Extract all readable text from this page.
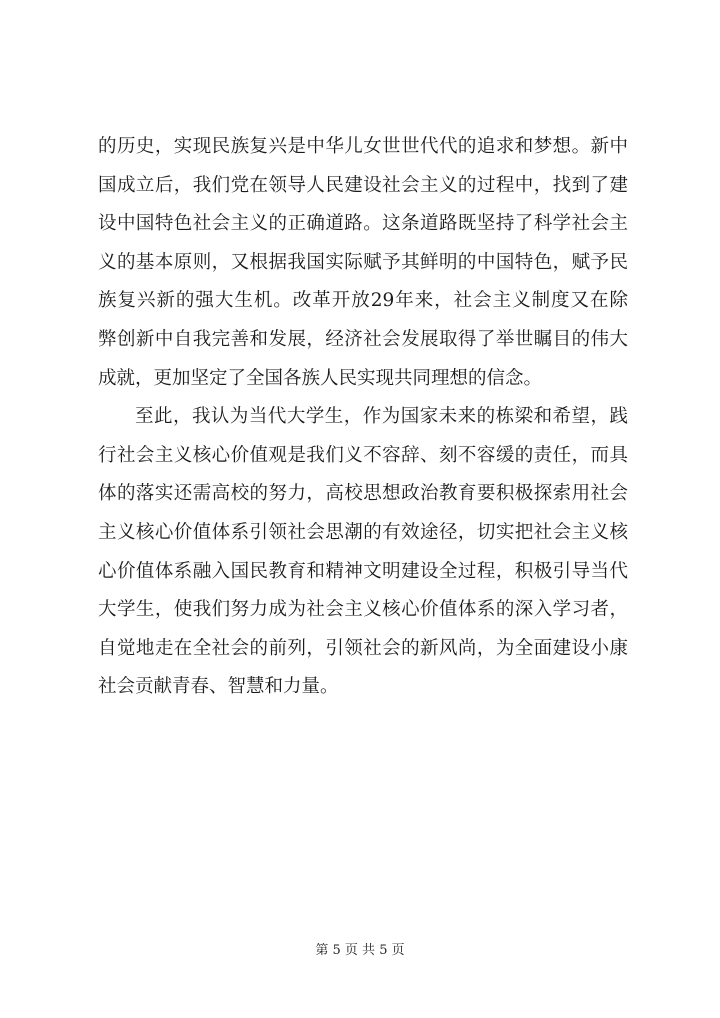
的历史，实现民族复兴是中华儿女世世代代的追求和梦想。新中
国成立后，我们党在领导人民建设社会主义的过程中，找到了建
设中国特色社会主义的正确道路。这条道路既坚持了科学社会主
义的基本原则，又根据我国实际赋予其鲜明的中国特色，赋予民
族复兴新的强大生机。改革开放29年来，社会主义制度又在除
弊创新中自我完善和发展，经济社会发展取得了举世瞩目的伟大
成就，更加坚定了全国各族人民实现共同理想的信念。
至此，我认为当代大学生，作为国家未来的栋梁和希望，践
行社会主义核心价值观是我们义不容辞、刻不容缓的责任，而具
体的落实还需高校的努力，高校思想政治教育要积极探索用社会
主义核心价值体系引领社会思潮的有效途径，切实把社会主义核
心价值体系融入国民教育和精神文明建设全过程，积极引导当代
大学生，使我们努力成为社会主义核心价值体系的深入学习者，
自觉地走在全社会的前列，引领社会的新风尚，为全面建设小康
社会贡献青春、智慧和力量。
第 5 页 共 5 页
